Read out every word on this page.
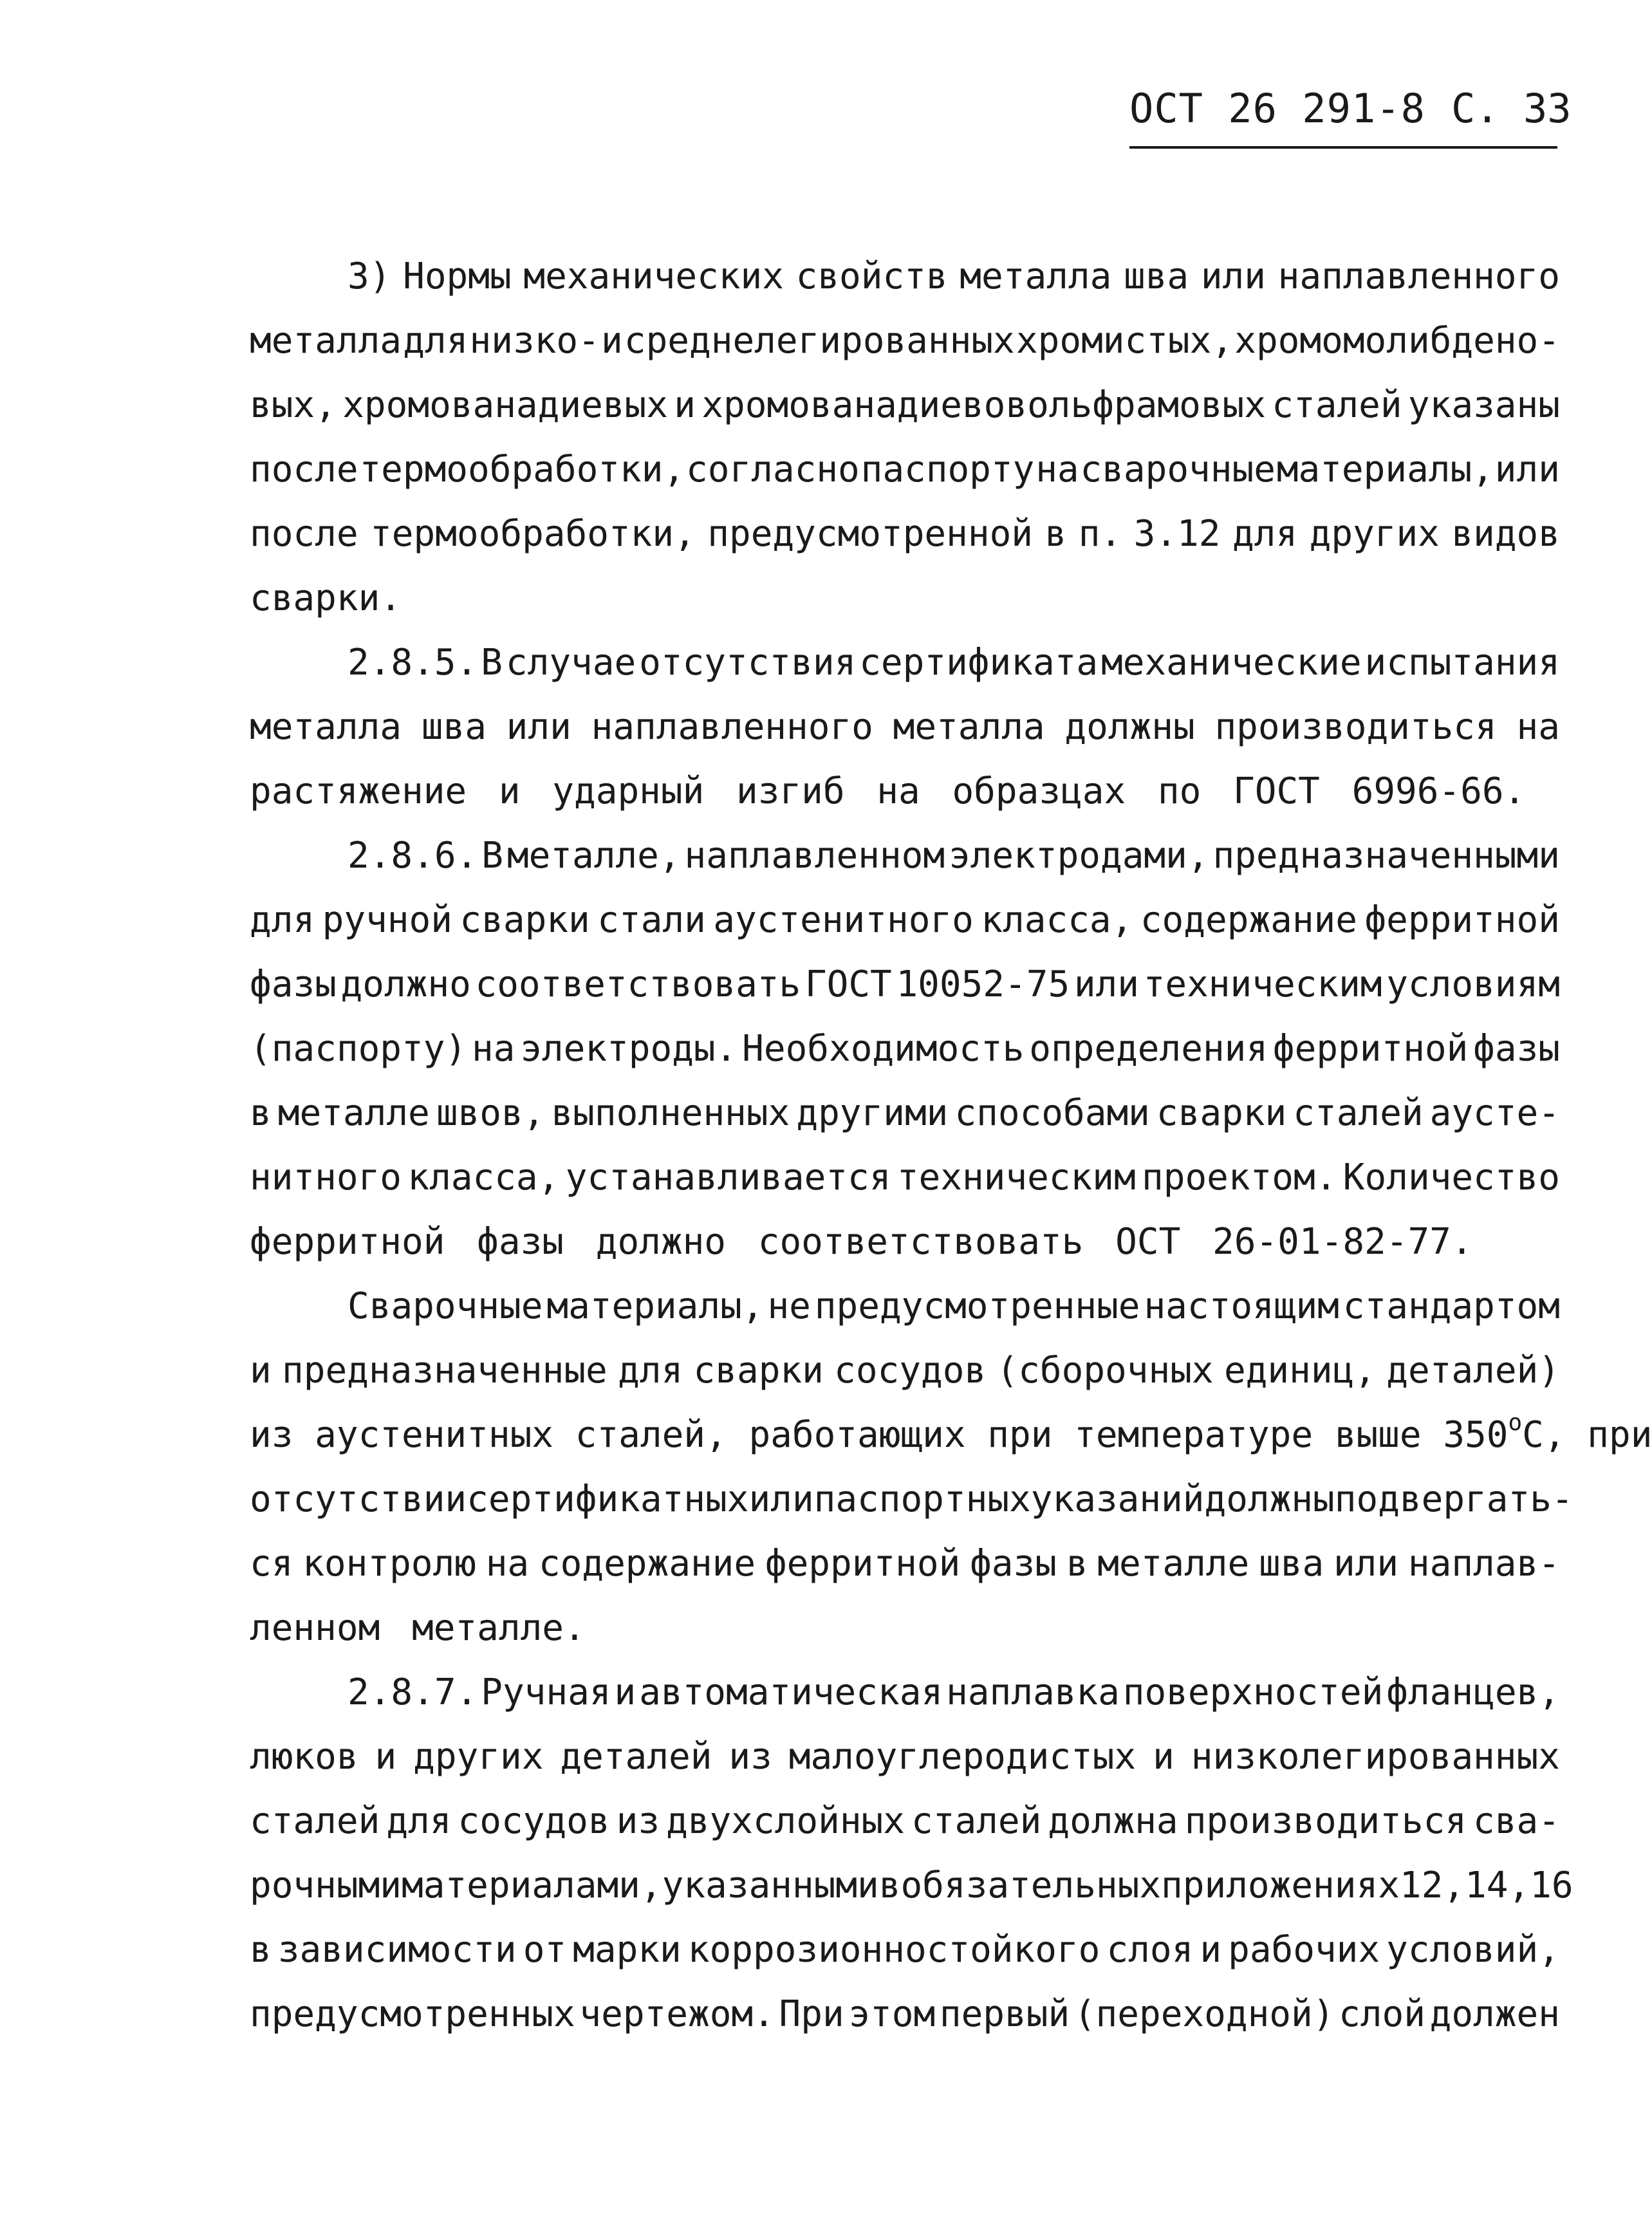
ОСТ 26 291-8 С. 33
3) Нормы механических свойств металла шва или наплавленного
металла для низко- и среднелегированных хромистых, хромомолибдено-
вых, хромованадиевых и хромованадиевовольфрамовых сталей указаны
после термообработки, согласно паспорту на сварочные материалы, или
после термообработки, предусмотренной в п. 3.12 для других видов
сварки.
2.8.5. В случае отсутствия сертификата механические испытания
металла шва или наплавленного металла должны производиться на
растяжение и ударный изгиб на образцах по ГОСТ 6996-66.
2.8.6. В металле, наплавленном электродами, предназначенными
для ручной сварки стали аустенитного класса, содержание ферритной
фазы должно соответствовать ГОСТ 10052-75 или техническим условиям
(паспорту) на электроды. Необходимость определения ферритной фазы
в металле швов, выполненных другими способами сварки сталей аусте-
нитного класса, устанавливается техническим проектом. Количество
ферритной фазы должно соответствовать ОСТ 26-01-82-77.
Сварочные материалы, не предусмотренные настоящим стандартом
и предназначенные для сварки сосудов (сборочных единиц, деталей)
из аустенитных сталей, работающих при температуре выше 350 $^о$С, при
отсутствии сертификатных или паспортных указаний должны подвергать-
ся контролю на содержание ферритной фазы в металле шва или наплав-
ленном металле.
2.8.7. Ручная и автоматическая наплавка поверхностей фланцев,
люков и других деталей из малоуглеродистых и низколегированных
сталей для сосудов из двухслойных сталей должна производиться сва-
рочными материалами, указанными в обязательных приложениях 12,14,16
в зависимости от марки коррозионностойкого слоя и рабочих условий,
предусмотренных чертежом. При этом первый (переходной) слой должен
